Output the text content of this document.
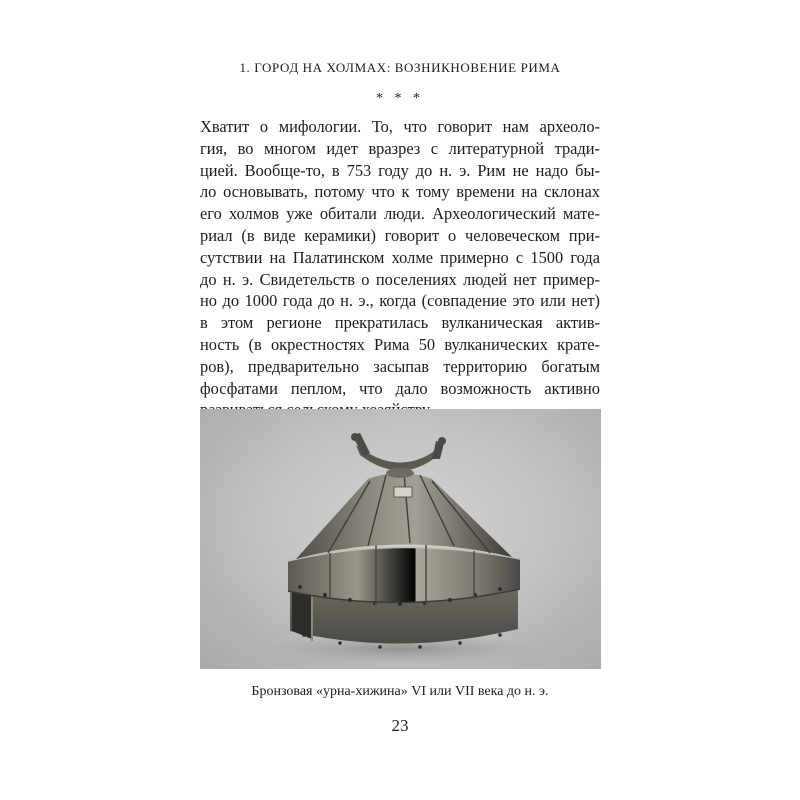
1. ГОРОД НА ХОЛМАХ: ВОЗНИКНОВЕНИЕ РИМА
* * *
Хватит о мифологии. То, что говорит нам археоло-
гия, во многом идет вразрез с литературной тради-
цией. Вообще-то, в 753 году до н. э. Рим не надо бы-
ло основывать, потому что к тому времени на склонах
его холмов уже обитали люди. Археологический мате-
риал (в виде керамики) говорит о человеческом при-
сутствии на Палатинском холме примерно с 1500 года
до н. э. Свидетельств о поселениях людей нет пример-
но до 1000 года до н. э., когда (совпадение это или нет)
в этом регионе прекратилась вулканическая актив-
ность (в окрестностях Рима 50 вулканических кратe-
ров), предварительно засыпав территорию богатым
фосфатами пеплом, что дало возможность активно
Бронзовая «урна-хижина» VI или VII века до н. э.
23
